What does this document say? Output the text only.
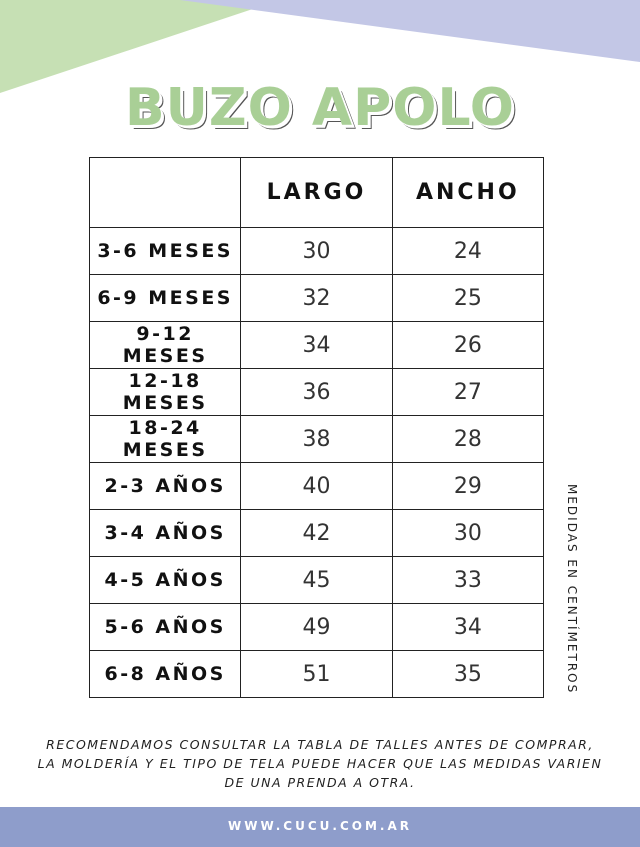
BUZO APOLO
	LARGO	ANCHO
3-6 MESES	30	24
6-9 MESES	32	25
9-12 MESES	34	26
12-18 MESES	36	27
18-24 MESES	38	28
2-3 AÑOS	40	29
3-4 AÑOS	42	30
4-5 AÑOS	45	33
5-6 AÑOS	49	34
6-8 AÑOS	51	35	MEDIDAS EN CENTÍMETROS
RECOMENDAMOS CONSULTAR LA TABLA DE TALLES ANTES DE COMPRAR,
LA MOLDERÍA Y EL TIPO DE TELA PUEDE HACER QUE LAS MEDIDAS VARIEN
DE UNA PRENDA A OTRA.
WWW.CUCU.COM.AR
